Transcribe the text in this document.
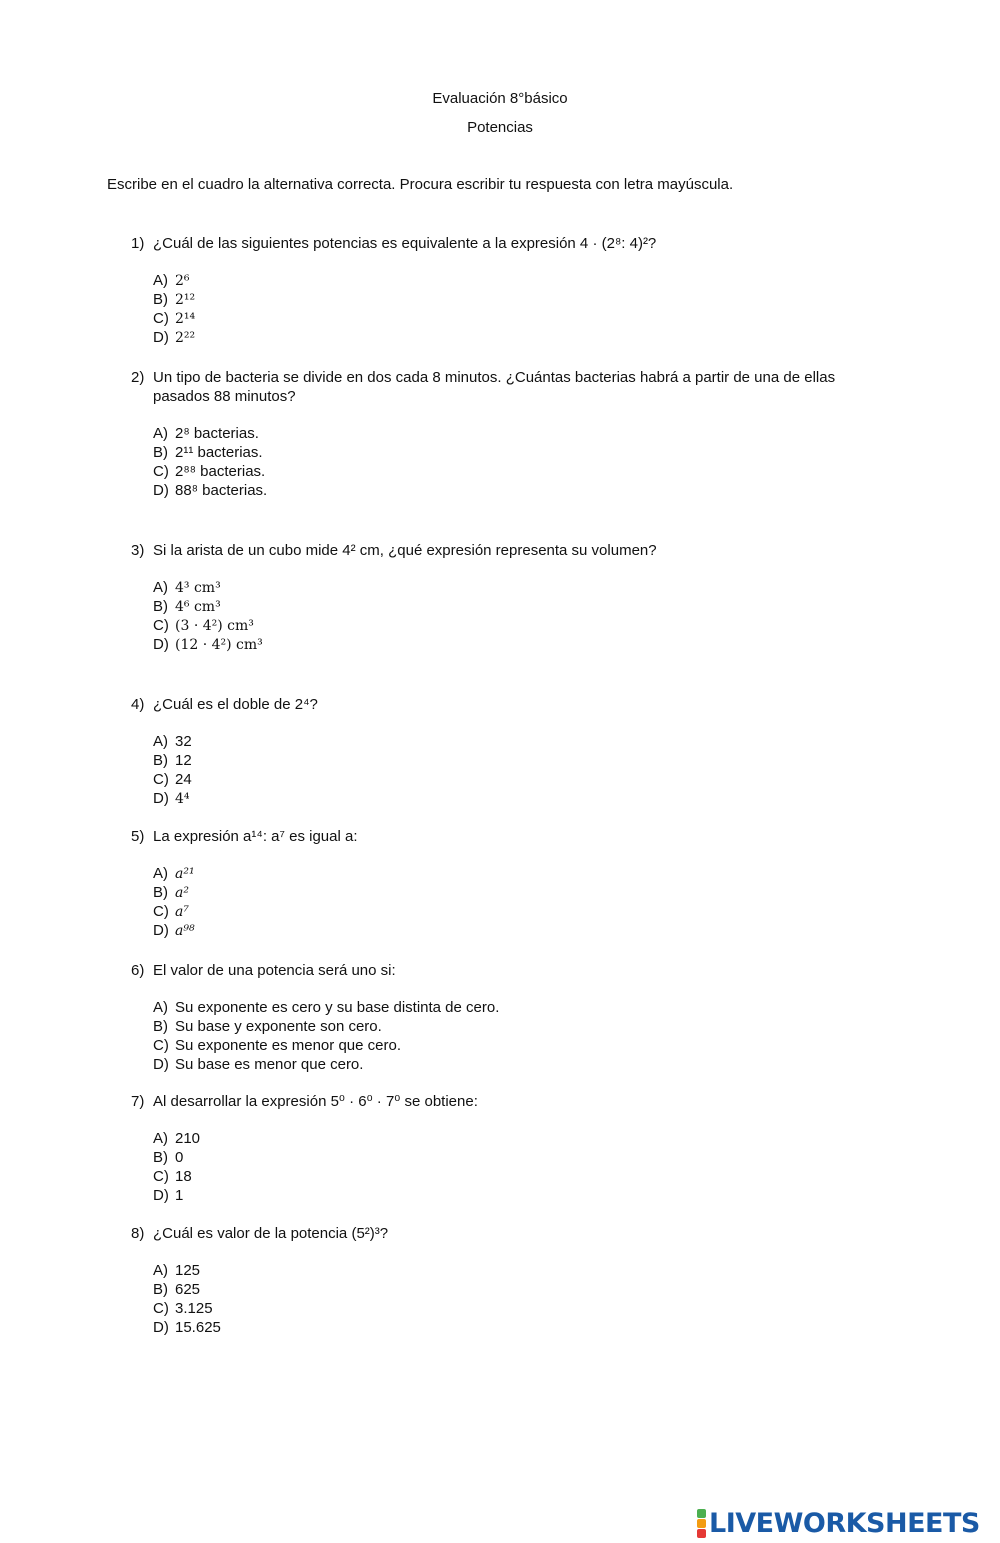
Evaluación 8°básico
Potencias
Escribe en el cuadro la alternativa correcta. Procura escribir tu respuesta con letra mayúscula.
1) ¿Cuál de las siguientes potencias es equivalente a la expresión 4 · (2⁸: 4)²?
A) 2⁶
B) 2¹²
C) 2¹⁴
D) 2²²
2) Un tipo de bacteria se divide en dos cada 8 minutos. ¿Cuántas bacterias habrá a partir de una de ellas pasados 88 minutos?
A) 2⁸ bacterias.
B) 2¹¹ bacterias.
C) 2⁸⁸ bacterias.
D) 88⁸ bacterias.
3) Si la arista de un cubo mide 4² cm, ¿qué expresión representa su volumen?
A) 4³ cm³
B) 4⁶ cm³
C) (3 · 4²) cm³
D) (12 · 4²) cm³
4) ¿Cuál es el doble de 2⁴?
A) 32
B) 12
C) 24
D) 4⁴
5) La expresión a¹⁴: a⁷ es igual a:
A) a²¹
B) a²
C) a⁷
D) a⁹⁸
6) El valor de una potencia será uno si:
A) Su exponente es cero y su base distinta de cero.
B) Su base y exponente son cero.
C) Su exponente es menor que cero.
D) Su base es menor que cero.
7) Al desarrollar la expresión 5⁰ · 6⁰ · 7⁰ se obtiene:
A) 210
B) 0
C) 18
D) 1
8) ¿Cuál es valor de la potencia (5²)³?
A) 125
B) 625
C) 3.125
D) 15.625
LIVEWORKSHEETS
